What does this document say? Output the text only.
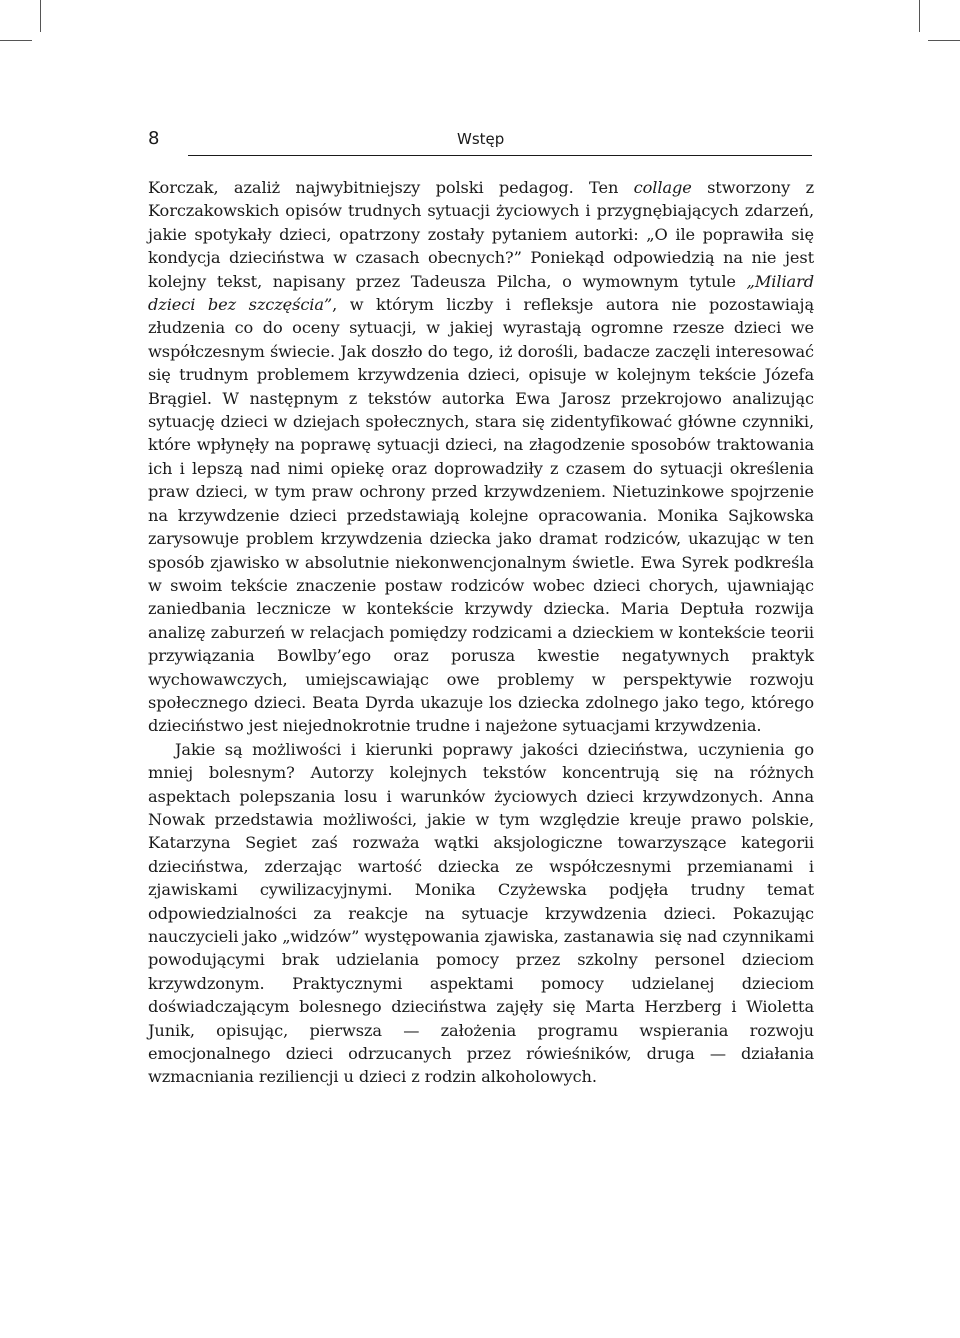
8	Wstęp

Korczak, azaliż najwybitniejszy polski pedagog. Ten collage stworzony z Korczakowskich opisów trudnych sytuacji życiowych i przygnębiających zdarzeń, jakie spotykały dzieci, opatrzony zostały pytaniem autorki: „O ile poprawiła się kondycja dzieciństwa w czasach obecnych?” Poniekąd odpowiedzią na nie jest kolejny tekst, napisany przez Tadeusza Pilcha, o wymownym tytule „Miliard dzieci bez szczęścia”, w którym liczby i refleksje autora nie pozostawiają złudzenia co do oceny sytuacji, w jakiej wyrastają ogromne rzesze dzieci we współczesnym świecie. Jak doszło do tego, iż dorośli, badacze zaczęli interesować się trudnym problemem krzywdzenia dzieci, opisuje w kolejnym tekście Józefa Brągiel. W następnym z tekstów autorka Ewa Jarosz przekrojowo analizując sytuację dzieci w dziejach społecznych, stara się zidentyfikować główne czynniki, które wpłynęły na poprawę sytuacji dzieci, na złagodzenie sposobów traktowania ich i lepszą nad nimi opiekę oraz doprowadziły z czasem do sytuacji określenia praw dzieci, w tym praw ochrony przed krzywdzeniem. Nietuzinkowe spojrzenie na krzywdzenie dzieci przedstawiają kolejne opracowania. Monika Sajkowska zarysowuje problem krzywdzenia dziecka jako dramat rodziców, ukazując w ten sposób zjawisko w absolutnie niekonwencjonalnym świetle. Ewa Syrek podkreśla w swoim tekście znaczenie postaw rodziców wobec dzieci chorych, ujawniając zaniedbania lecznicze w kontekście krzywdy dziecka. Maria Deptuła rozwija analizę zaburzeń w relacjach pomiędzy rodzicami a dzieckiem w kontekście teorii przywiązania Bowlby’ego oraz porusza kwestie negatywnych praktyk wychowawczych, umiejscawiając owe problemy w perspektywie rozwoju społecznego dzieci. Beata Dyrda ukazuje los dziecka zdolnego jako tego, którego dzieciństwo jest niejednokrotnie trudne i najeżone sytuacjami krzywdzenia.

Jakie są możliwości i kierunki poprawy jakości dzieciństwa, uczynienia go mniej bolesnym? Autorzy kolejnych tekstów koncentrują się na różnych aspektach polepszania losu i warunków życiowych dzieci krzywdzonych. Anna Nowak przedstawia możliwości, jakie w tym względzie kreuje prawo polskie, Katarzyna Segiet zaś rozważa wątki aksjologiczne towarzyszące kategorii dzieciństwa, zderzając wartość dziecka ze współczesnymi przemianami i zjawiskami cywilizacyjnymi. Monika Czyżewska podjęła trudny temat odpowiedzialności za reakcje na sytuacje krzywdzenia dzieci. Pokazując nauczycieli jako „widzów” występowania zjawiska, zastanawia się nad czynnikami powodującymi brak udzielania pomocy przez szkolny personel dzieciom krzywdzonym. Praktycznymi aspektami pomocy udzielanej dzieciom doświadczającym bolesnego dzieciństwa zajęły się Marta Herzberg i Wioletta Junik, opisując, pierwsza — założenia programu wspierania rozwoju emocjonalnego dzieci odrzucanych przez rówieśników, druga — działania wzmacniania reziliencji u dzieci z rodzin alkoholowych.
